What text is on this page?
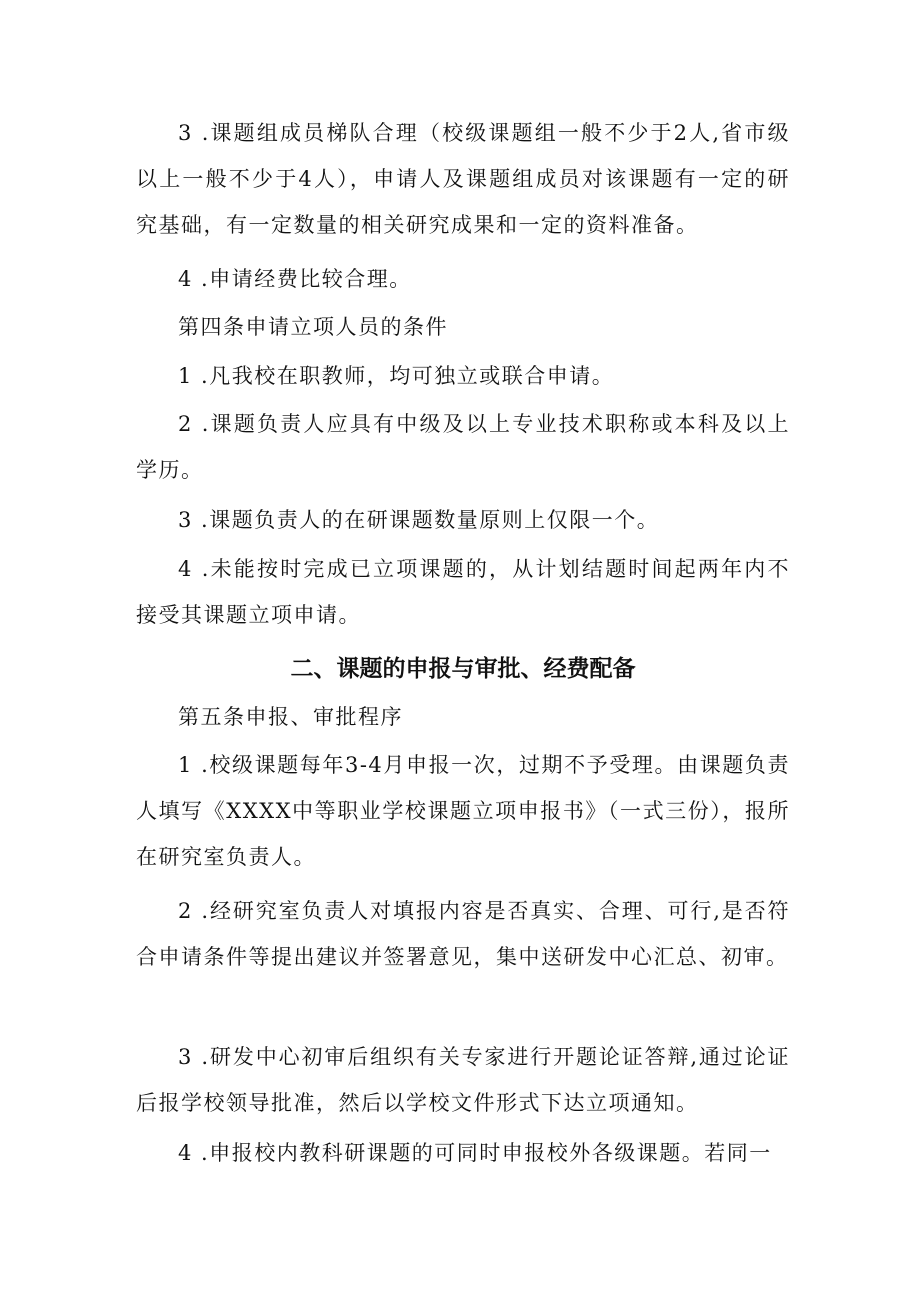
3 .课题组成员梯队合理（校级课题组一般不少于2人,省市级以上一般不少于4人），申请人及课题组成员对该课题有一定的研究基础，有一定数量的相关研究成果和一定的资料准备。

4 .申请经费比较合理。

第四条申请立项人员的条件

1 .凡我校在职教师，均可独立或联合申请。

2 .课题负责人应具有中级及以上专业技术职称或本科及以上学历。

3 .课题负责人的在研课题数量原则上仅限一个。

4 .未能按时完成已立项课题的，从计划结题时间起两年内不接受其课题立项申请。

二、课题的申报与审批、经费配备

第五条申报、审批程序

1 .校级课题每年3-4月申报一次，过期不予受理。由课题负责人填写《XXXX中等职业学校课题立项申报书》（一式三份），报所在研究室负责人。

2 .经研究室负责人对填报内容是否真实、合理、可行,是否符合申请条件等提出建议并签署意见，集中送研发中心汇总、初审。

3 .研发中心初审后组织有关专家进行开题论证答辩,通过论证后报学校领导批准，然后以学校文件形式下达立项通知。

4 .申报校内教科研课题的可同时申报校外各级课题。若同一
